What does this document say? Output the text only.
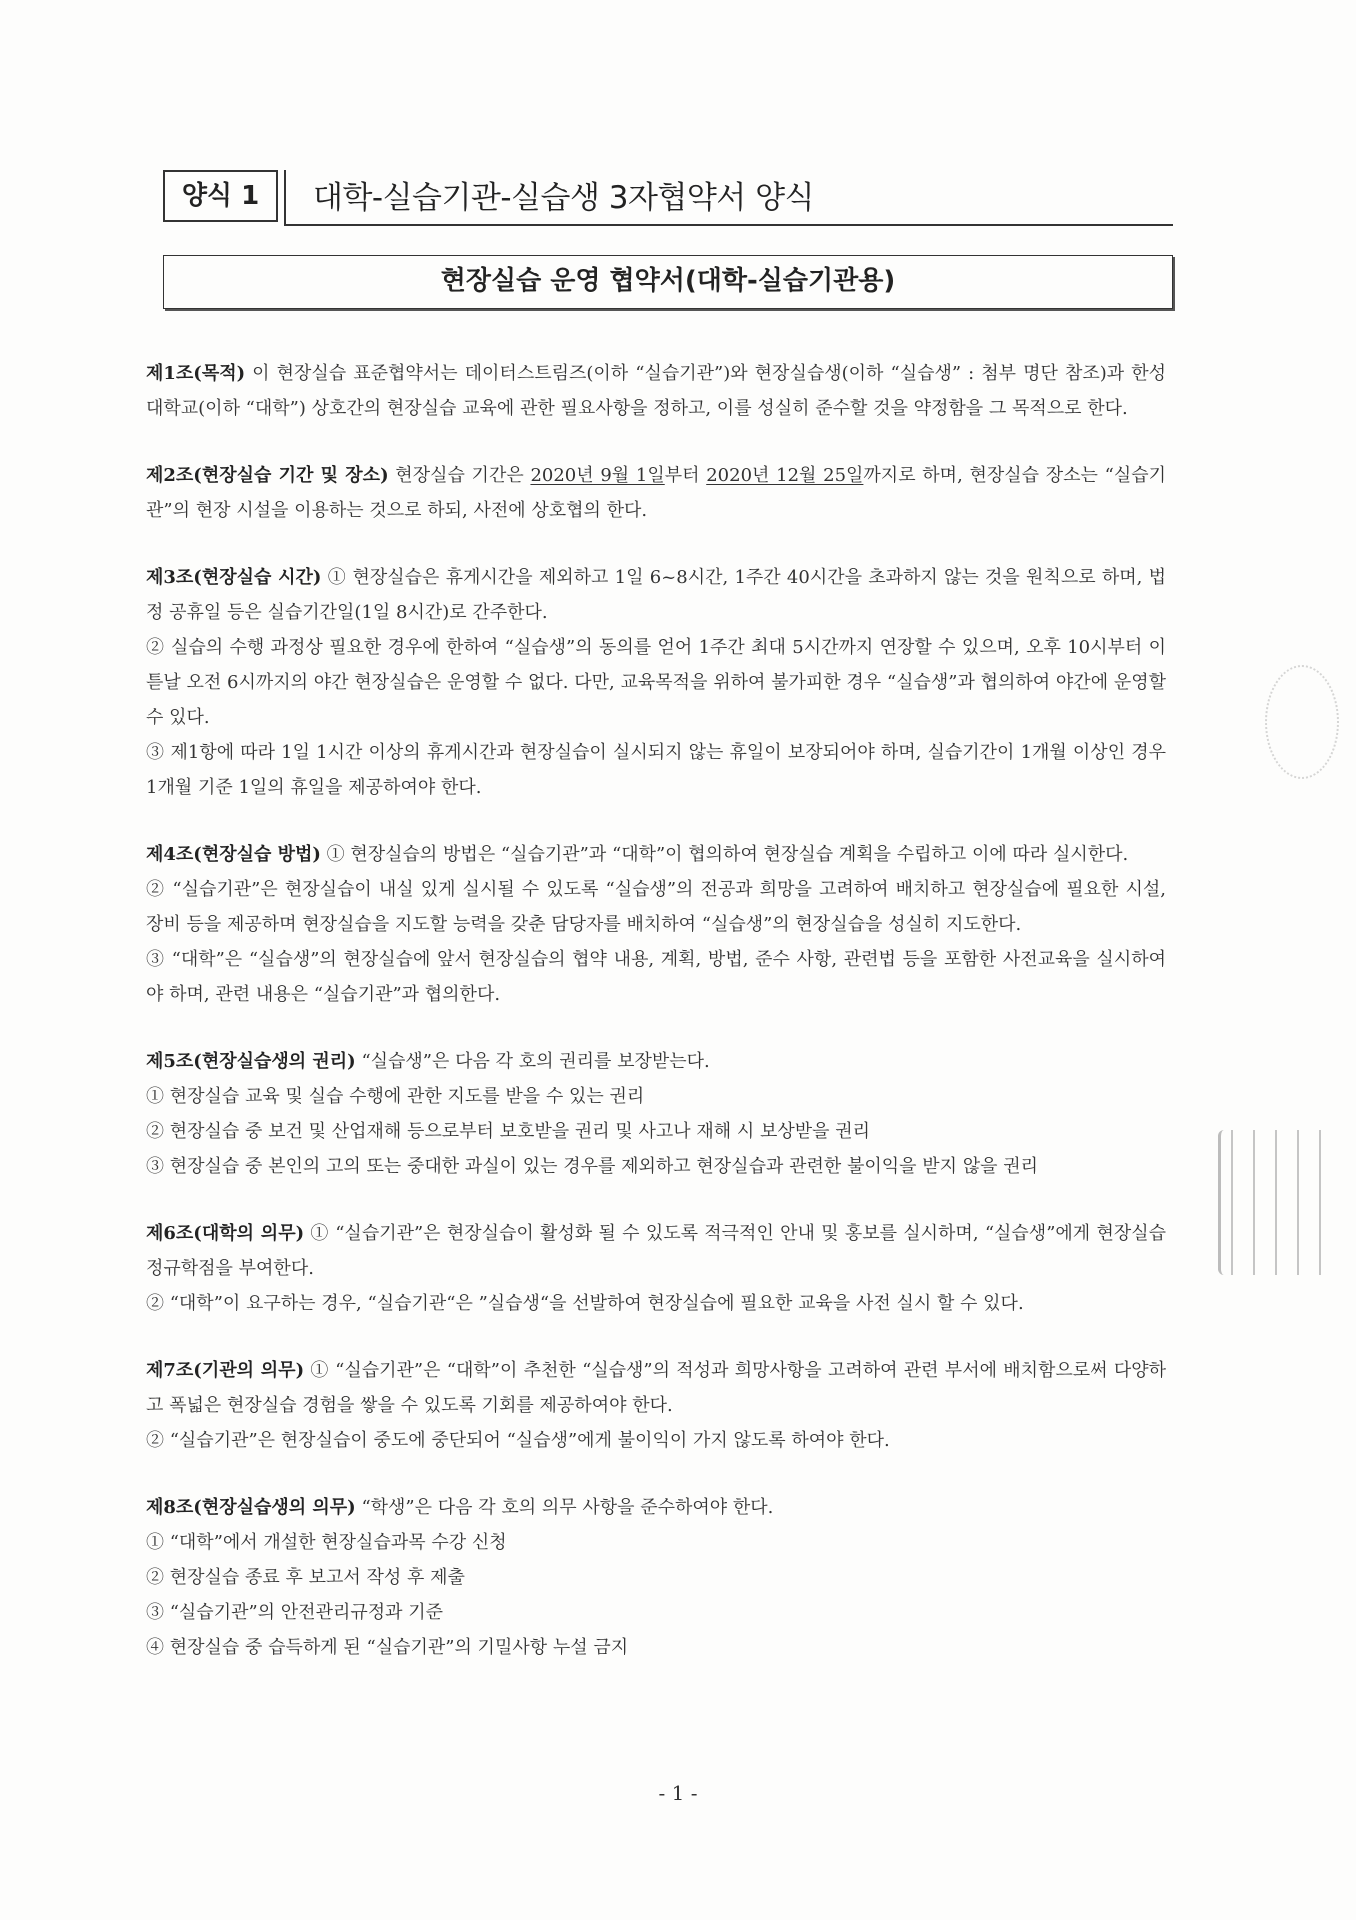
양식 1	대학-실습기관-실습생 3자협약서 양식
현장실습 운영 협약서(대학-실습기관용)

제1조(목적) 이 현장실습 표준협약서는 데이터스트림즈(이하 “실습기관”)와 현장실습생(이하 “실습생” : 첨부 명단 참조)과 한성대학교(이하 “대학”) 상호간의 현장실습 교육에 관한 필요사항을 정하고, 이를 성실히 준수할 것을 약정함을 그 목적으로 한다.

제2조(현장실습 기간 및 장소) 현장실습 기간은 2020년 9월 1일부터 2020년 12월 25일까지로 하며, 현장실습 장소는 “실습기관”의 현장 시설을 이용하는 것으로 하되, 사전에 상호협의 한다.

제3조(현장실습 시간) ① 현장실습은 휴게시간을 제외하고 1일 6~8시간, 1주간 40시간을 초과하지 않는 것을 원칙으로 하며, 법정 공휴일 등은 실습기간일(1일 8시간)로 간주한다.

② 실습의 수행 과정상 필요한 경우에 한하여 “실습생”의 동의를 얻어 1주간 최대 5시간까지 연장할 수 있으며, 오후 10시부터 이튿날 오전 6시까지의 야간 현장실습은 운영할 수 없다. 다만, 교육목적을 위하여 불가피한 경우 “실습생”과 협의하여 야간에 운영할 수 있다.

③ 제1항에 따라 1일 1시간 이상의 휴게시간과 현장실습이 실시되지 않는 휴일이 보장되어야 하며, 실습기간이 1개월 이상인 경우 1개월 기준 1일의 휴일을 제공하여야 한다.

제4조(현장실습 방법) ① 현장실습의 방법은 “실습기관”과 “대학”이 협의하여 현장실습 계획을 수립하고 이에 따라 실시한다.

② “실습기관”은 현장실습이 내실 있게 실시될 수 있도록 “실습생”의 전공과 희망을 고려하여 배치하고 현장실습에 필요한 시설, 장비 등을 제공하며 현장실습을 지도할 능력을 갖춘 담당자를 배치하여 “실습생”의 현장실습을 성실히 지도한다.

③ “대학”은 “실습생”의 현장실습에 앞서 현장실습의 협약 내용, 계획, 방법, 준수 사항, 관련법 등을 포함한 사전교육을 실시하여야 하며, 관련 내용은 “실습기관”과 협의한다.

제5조(현장실습생의 권리) “실습생”은 다음 각 호의 권리를 보장받는다.

① 현장실습 교육 및 실습 수행에 관한 지도를 받을 수 있는 권리

② 현장실습 중 보건 및 산업재해 등으로부터 보호받을 권리 및 사고나 재해 시 보상받을 권리

③ 현장실습 중 본인의 고의 또는 중대한 과실이 있는 경우를 제외하고 현장실습과 관련한 불이익을 받지 않을 권리

제6조(대학의 의무) ① “실습기관”은 현장실습이 활성화 될 수 있도록 적극적인 안내 및 홍보를 실시하며, “실습생”에게 현장실습 정규학점을 부여한다.

② “대학”이 요구하는 경우, “실습기관“은 ”실습생“을 선발하여 현장실습에 필요한 교육을 사전 실시 할 수 있다.

제7조(기관의 의무) ① “실습기관”은 “대학”이 추천한 “실습생”의 적성과 희망사항을 고려하여 관련 부서에 배치함으로써 다양하고 폭넓은 현장실습 경험을 쌓을 수 있도록 기회를 제공하여야 한다.

② “실습기관”은 현장실습이 중도에 중단되어 “실습생”에게 불이익이 가지 않도록 하여야 한다.

제8조(현장실습생의 의무) “학생”은 다음 각 호의 의무 사항을 준수하여야 한다.

① “대학”에서 개설한 현장실습과목 수강 신청

② 현장실습 종료 후 보고서 작성 후 제출

③ “실습기관”의 안전관리규정과 기준

④ 현장실습 중 습득하게 된 “실습기관”의 기밀사항 누설 금지

- 1 -
